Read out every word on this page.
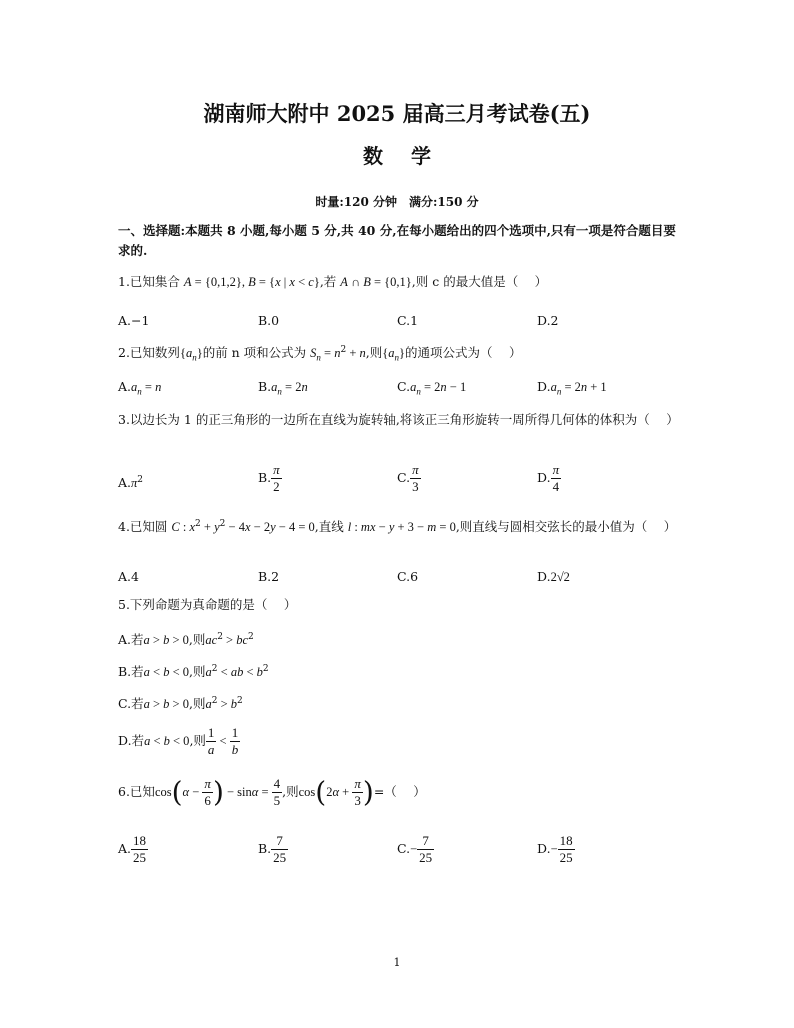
湖南师大附中 2025 届高三月考试卷(五)
数学
时量:120 分钟　满分:150 分
一、选择题:本题共 8 小题,每小题 5 分,共 40 分,在每小题给出的四个选项中,只有一项是符合题目要求的.
1.已知集合 A = {0,1,2}, B = {x | x < c},若 A ∩ B = {0,1},则 c 的最大值是（　 ）
A.−1	B.0	C.1	D.2
2.已知数列$\{a_n\}$的前 n 项和公式为 $S_n = n^2 + n$,则$\{a_n\}$的通项公式为（　 ）
$A.a_n = n$	$B.a_n = 2n$	$C.a_n = 2n - 1$	$D.a_n = 2n + 1$
3.以边长为 1 的正三角形的一边所在直线为旋转轴,将该正三角形旋转一周所得几何体的体积为（　 ）
$A.\pi^2$	B. $\frac{\pi}{2}$	C. $\frac{\pi}{3}$	D. $\frac{\pi}{4}$
4.已知圆 C : $x^2 + y^2 - 4x - 2y - 4 = 0$,直线 l : mx − y + 3 − m = 0,则直线与圆相交弦长的最小值为（　 ）
A.4	B.2	C.6	D.2√2
5.下列命题为真命题的是（　 ）
A.若a > b > 0,则$ac^2 > bc^2$
B.若a < b < 0,则$a^2$ < ab < $b^2$
C.若a > b > 0,则$a^2 > b^2$
D.若a < b < 0,则 $\frac{1}{a} < \frac{1}{b}$
6.已知$\cos(\alpha - \frac{\pi}{6}$ ) − $\sin\alpha = \frac{4}{5}$ ,则$\cos(2\alpha + \frac{\pi}{3}$ )=（　 ）
A. $\frac{18}{25}$	B. $\frac{7}{25}$	$C.- \frac{7}{25}$	$D.- \frac{18}{25}$
1
